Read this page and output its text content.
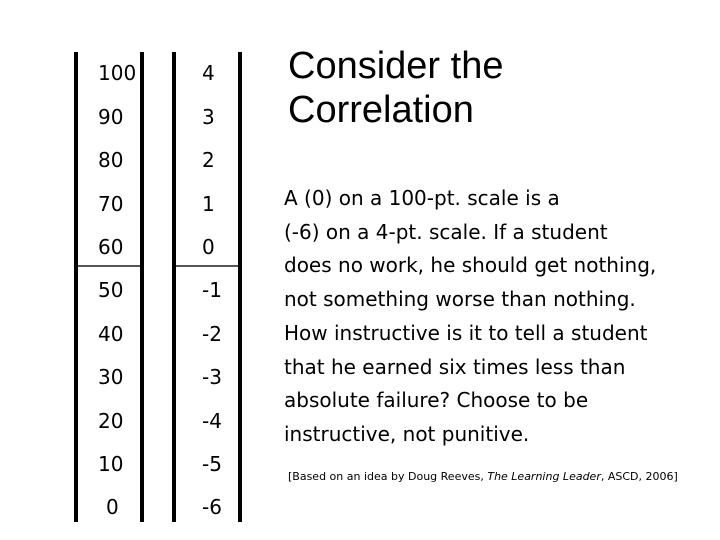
100
90
80
70
60
50
40
30
20
10
0
4
3
2
1
0
-1
-2
-3
-4
-5
-6
Consider the
Correlation
A (0) on a 100-pt. scale is a
(-6) on a 4-pt. scale. If a student
does no work, he should get nothing,
not something worse than nothing.
How instructive is it to tell a student
that he earned six times less than
absolute failure? Choose to be
instructive, not punitive.
[Based on an idea by Doug Reeves, The Learning Leader, ASCD, 2006]
